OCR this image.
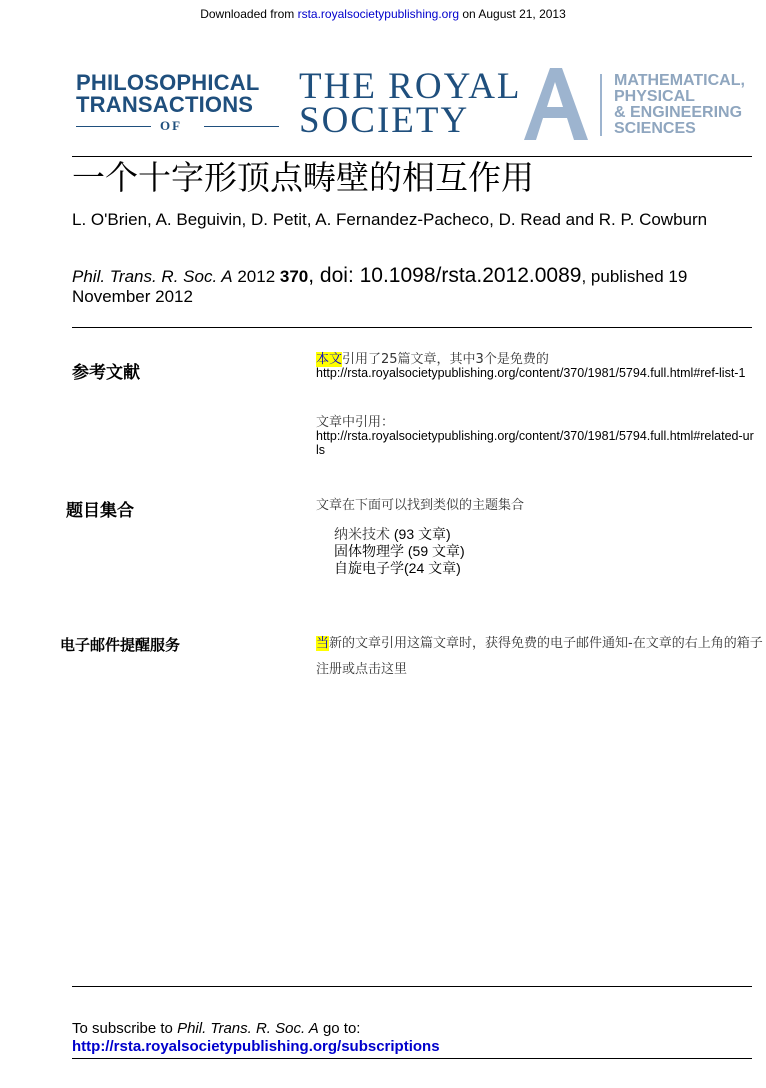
Downloaded from rsta.royalsocietypublishing.org on August 21, 2013
PHILOSOPHICAL
TRANSACTIONS
OF
THE ROYAL
SOCIETY
MATHEMATICAL,
PHYSICAL
& ENGINEERING
SCIENCES
一个十字形顶点畴壁的相互作用
L. O'Brien, A. Beguivin, D. Petit, A. Fernandez-Pacheco, D. Read and R. P. Cowburn
Phil. Trans. R. Soc. A 2012 370, doi: 10.1098/rsta.2012.0089, published 19 November 2012
参考文献
本文引用了25篇文章，其中3个是免费的
http://rsta.royalsocietypublishing.org/content/370/1981/5794.full.html#ref-list-1
文章中引用：
http://rsta.royalsocietypublishing.org/content/370/1981/5794.full.html#related-urls
题目集合	文章在下面可以找到类似的主题集合
纳米技术 (93 文章)
固体物理学 (59 文章)
自旋电子学(24 文章)
电子邮件提醒服务	当新的文章引用这篇文章时，获得免费的电子邮件通知-在文章的右上角的箱子注册或点击这里
To subscribe to Phil. Trans. R. Soc. A go to:
http://rsta.royalsocietypublishing.org/subscriptions
